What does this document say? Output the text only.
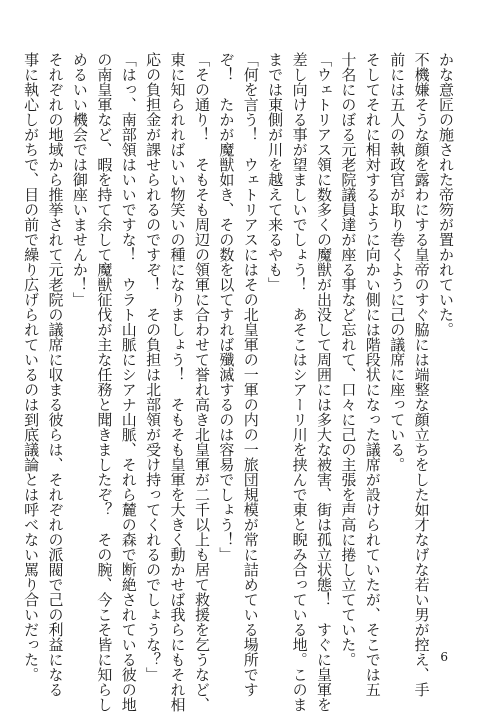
かな意匠の施された帝笏が置かれていた。

不機嫌そうな顔を露わにする皇帝のすぐ脇には端整な顔立ちをした如才なげな若い男が控え、手

前には五人の執政官が取り巻くように己の議席に座っている。

そしてそれに相対するように向かい側には階段状になった議席が設けられていたが、そこでは五

十名にのぼる元老院議員達が座る事など忘れて、口々に己の主張を声高に捲し立てていた。

「ウェトリアス領に数多くの魔獣が出没して周囲には多大な被害、街は孤立状態！　すぐに皇軍を

差し向ける事が望ましいでしょう！　あそこはシアーリ川を挟んで東と睨み合っている地。このま

までは東側が川を越えて来るやも」

「何を言う！　ウェトリアスにはその北皇軍の一軍の内の一旅団規模が常に詰めている場所です

ぞ！　たかが魔獣如き、その数を以てすれば殲滅するのは容易でしょう！」

「その通り！　そもそも周辺の領軍に合わせて誉れ高き北皇軍が二千以上も居て救援を乞うなど、

東に知られればいい物笑いの種になりましょう！　そもそも皇軍を大きく動かせば我らにもそれ相

応の負担金が課せられるのですぞ！　その負担は北部領が受け持ってくれるのでしょうな？」

「はっ、南部領はいいですな！　ウラト山脈にシアナ山脈、それら麓の森で断絶されている彼の地

の南皇軍など、暇を持て余して魔獣征伐が主な任務と聞きましたぞ？　その腕、今こそ皆に知らし

めるいい機会では御座いませんか！」

それぞれの地域から推挙されて元老院の議席に収まる彼らは、それぞれの派閥で己の利益になる

事に執心しがちで、目の前で繰り広げられているのは到底議論とは呼べない罵り合いだった。	6
